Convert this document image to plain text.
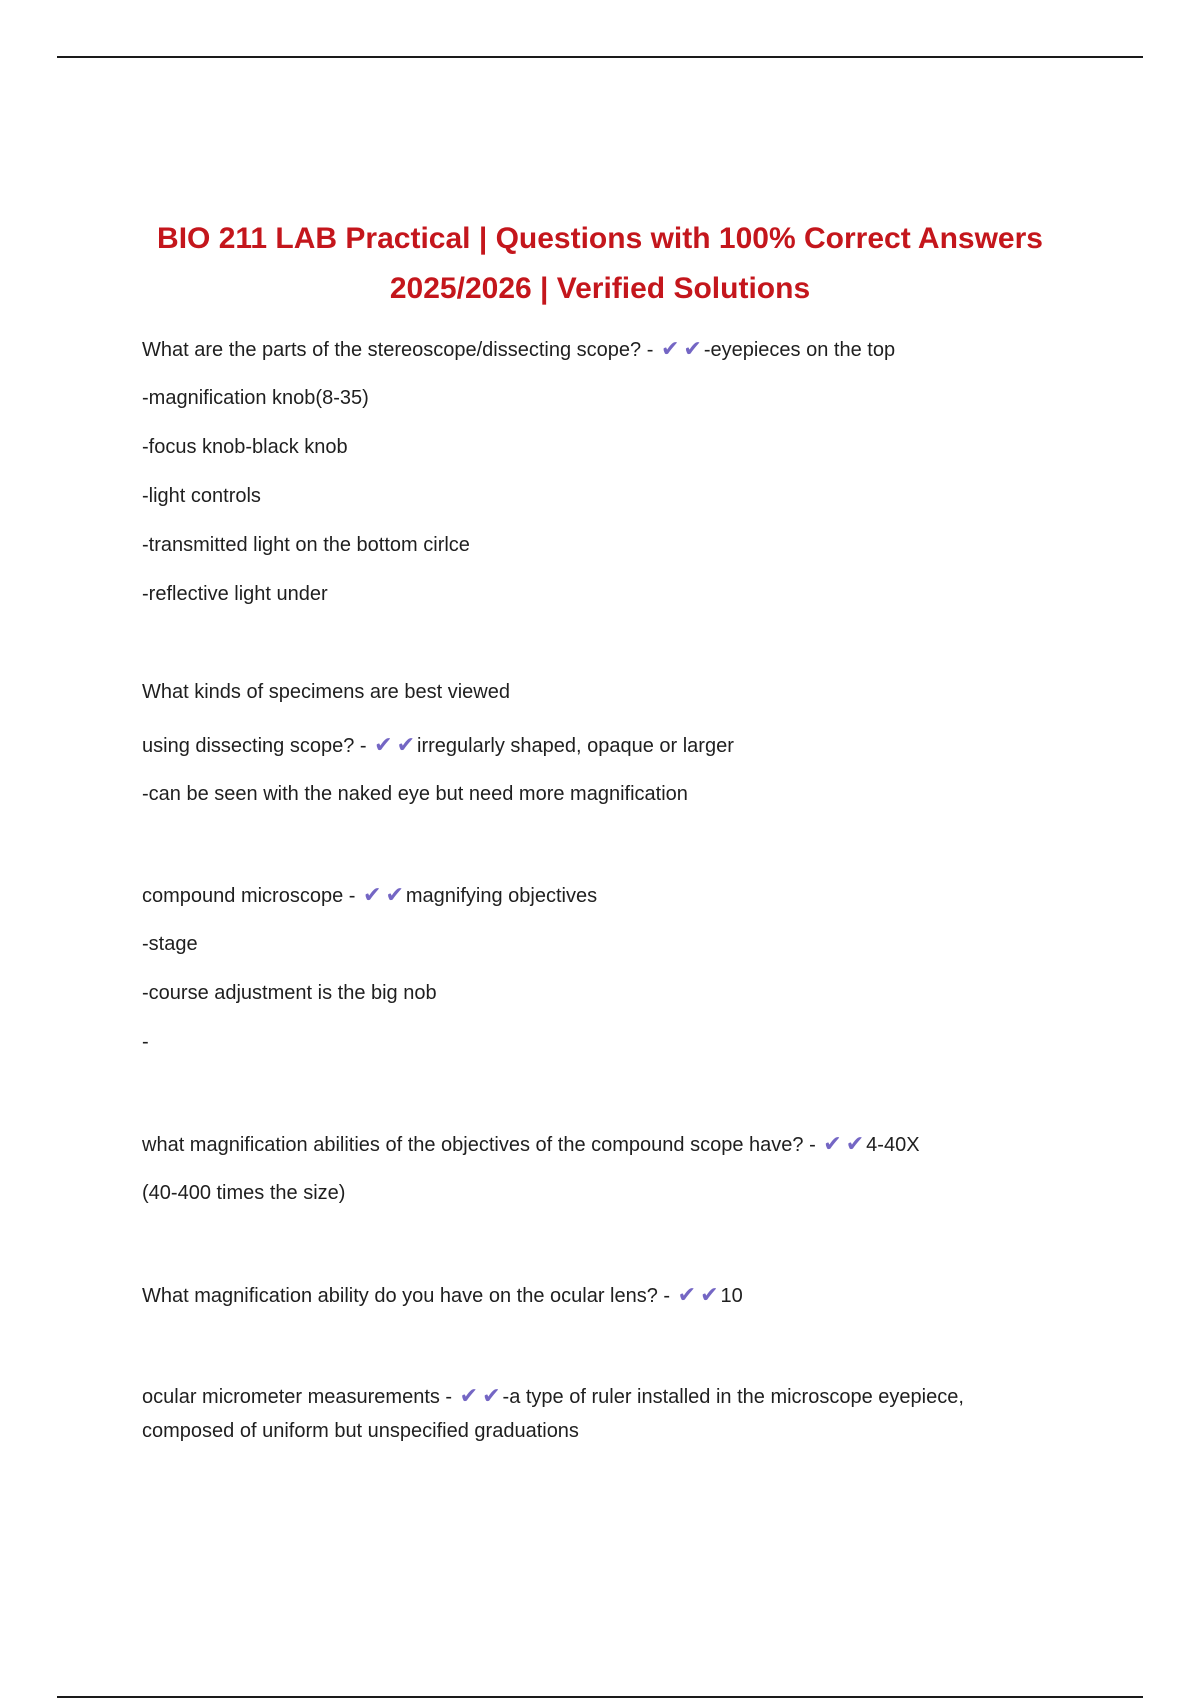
BIO 211 LAB Practical | Questions with 100% Correct Answers
2025/2026 | Verified Solutions
What are the parts of the stereoscope/dissecting scope? - ✔ ✔ -eyepieces on the top
-magnification knob(8-35)
-focus knob-black knob
-light controls
-transmitted light on the bottom cirlce
-reflective light under
What kinds of specimens are best viewed
using dissecting scope? - ✔ ✔ irregularly shaped, opaque or larger
-can be seen with the naked eye but need more magnification
compound microscope - ✔ ✔ magnifying objectives
-stage
-course adjustment is the big nob
-
what magnification abilities of the objectives of the compound scope have? - ✔ ✔ 4-40X
(40-400 times the size)
What magnification ability do you have on the ocular lens? - ✔ ✔ 10
ocular micrometer measurements - ✔ ✔ -a type of ruler installed in the microscope eyepiece,
composed of uniform but unspecified graduations
